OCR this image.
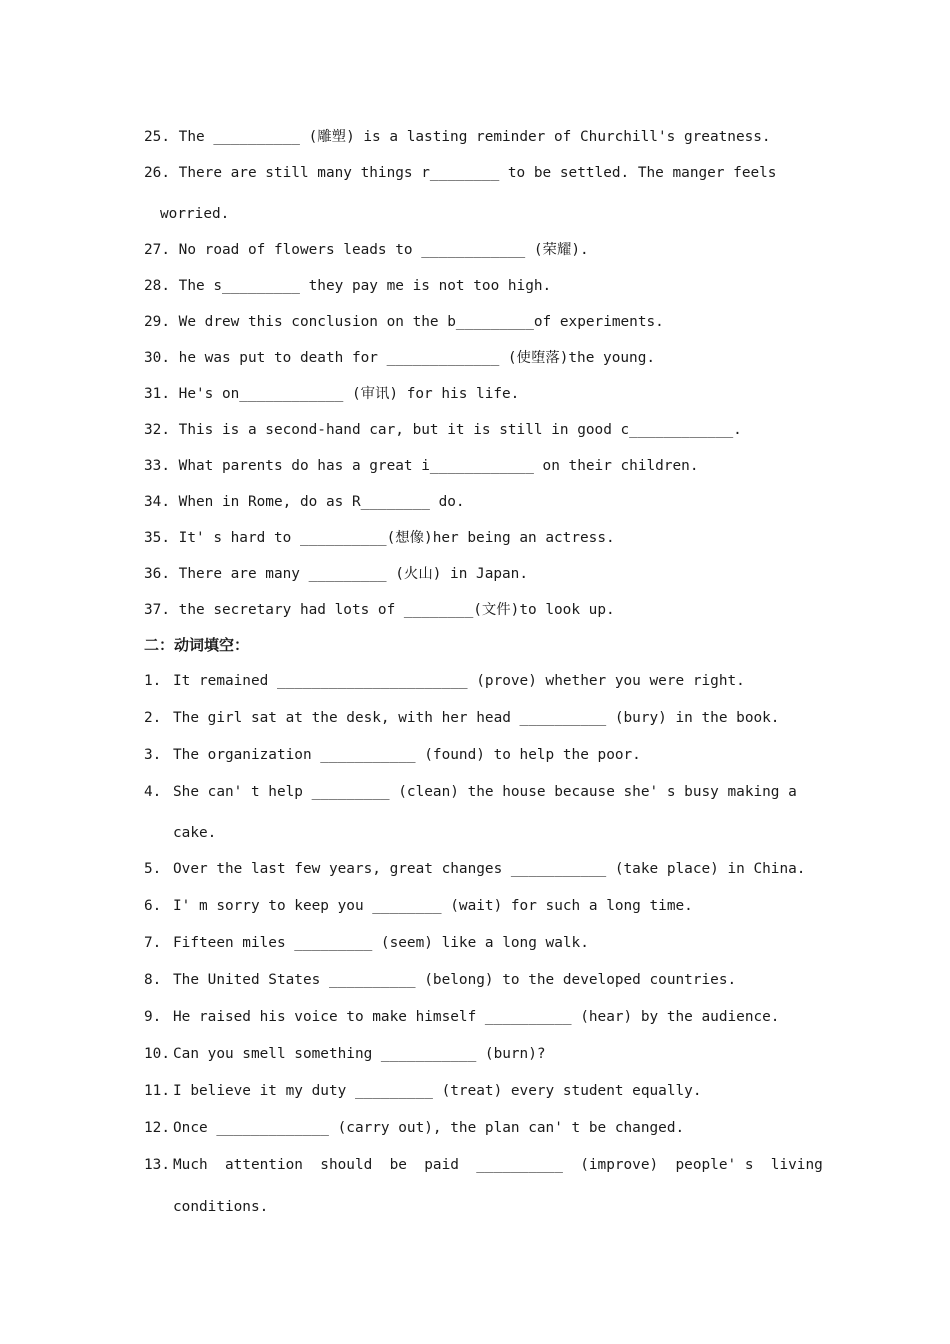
25. The __________ (雕塑) is a lasting reminder of Churchill's greatness.
26. There are still many things r________ to be settled. The manger feels
worried.
27. No road of flowers leads to ____________ (荣耀).
28. The s_________ they pay me is not too high.
29. We drew this conclusion on the b_________of experiments.
30. he was put to death for _____________ (使堕落)the young.
31. He's on____________ (审讯) for his life.
32. This is a second-hand car, but it is still in good c____________.
33. What parents do has a great i____________ on their children.
34. When in Rome, do as R________ do.
35. It' s hard to __________(想像)her being an actress.
36. There are many _________ (火山) in Japan.
37. the secretary had lots of ________(文件)to look up.
二：动词填空：
1. It remained ______________________ (prove) whether you were right.
2. The girl sat at the desk, with her head __________ (bury) in the book.
3. The organization ___________ (found) to help the poor.
4. She can' t help _________ (clean) the house because she' s busy making a
cake.
5. Over the last few years, great changes ___________ (take place) in China.
6. I' m sorry to keep you ________ (wait) for such a long time.
7. Fifteen miles _________ (seem) like a long walk.
8. The United States __________ (belong) to the developed countries.
9. He raised his voice to make himself __________ (hear) by the audience.
10. Can you smell something ___________ (burn)?
11. I believe it my duty _________ (treat) every student equally.
12. Once _____________ (carry out), the plan can' t be changed.
13. Much  attention  should  be  paid  __________  (improve)  people' s  living
conditions.
